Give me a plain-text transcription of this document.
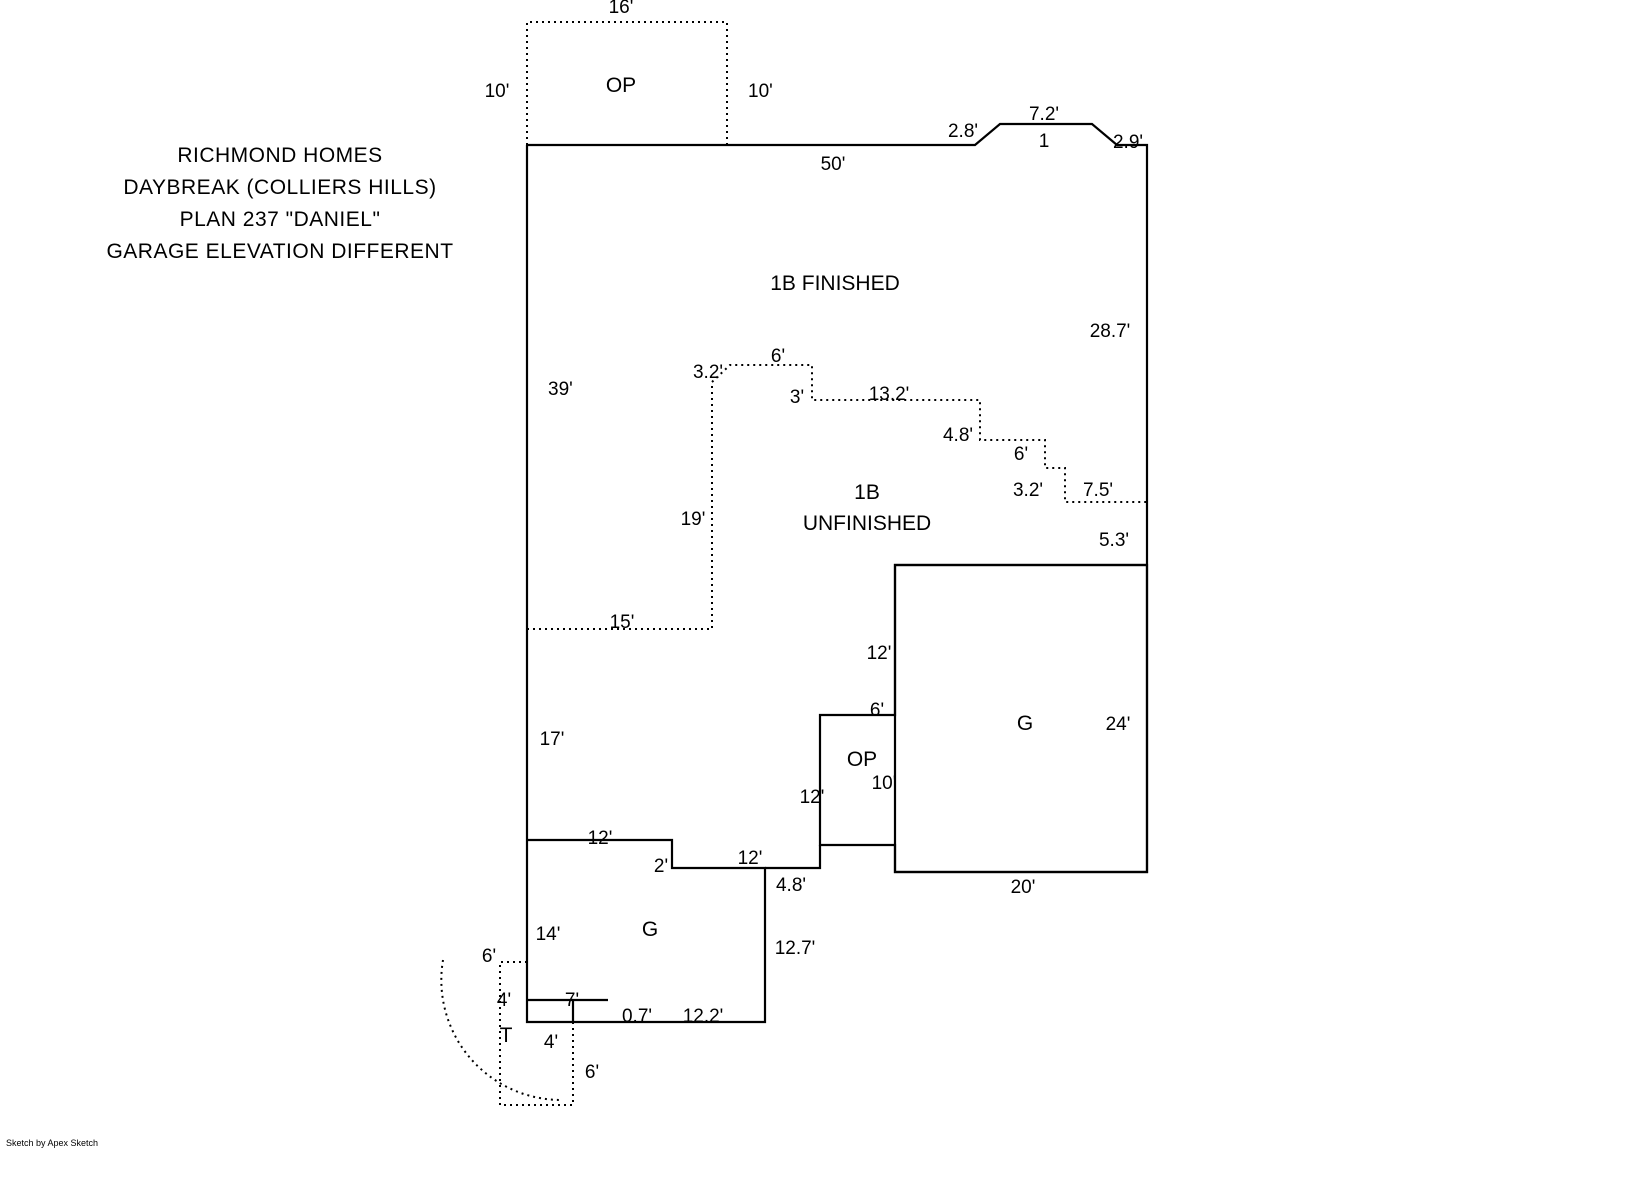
RICHMOND HOMES
DAYBREAK (COLLIERS HILLS)
PLAN 237 "DANIEL"
GARAGE ELEVATION DIFFERENT
16'
10'	10'
OP
2.8'
7.2'
1	2.9'
50'
28.7'
39'
1B FINISHED
3.2'
6'
3'	13.2'
4.8'
6'
3.2' 7.5'
5.3'
19'
1B
UNFINISHED
15'
12'
6'
10'
12'
OP
G	24'
20'
17'
12'
2'	12'
4.8'
12.7'
14'	G
6'
4'	7'
T 4'
6'
0.7' 12.2'
Sketch by Apex Sketch
